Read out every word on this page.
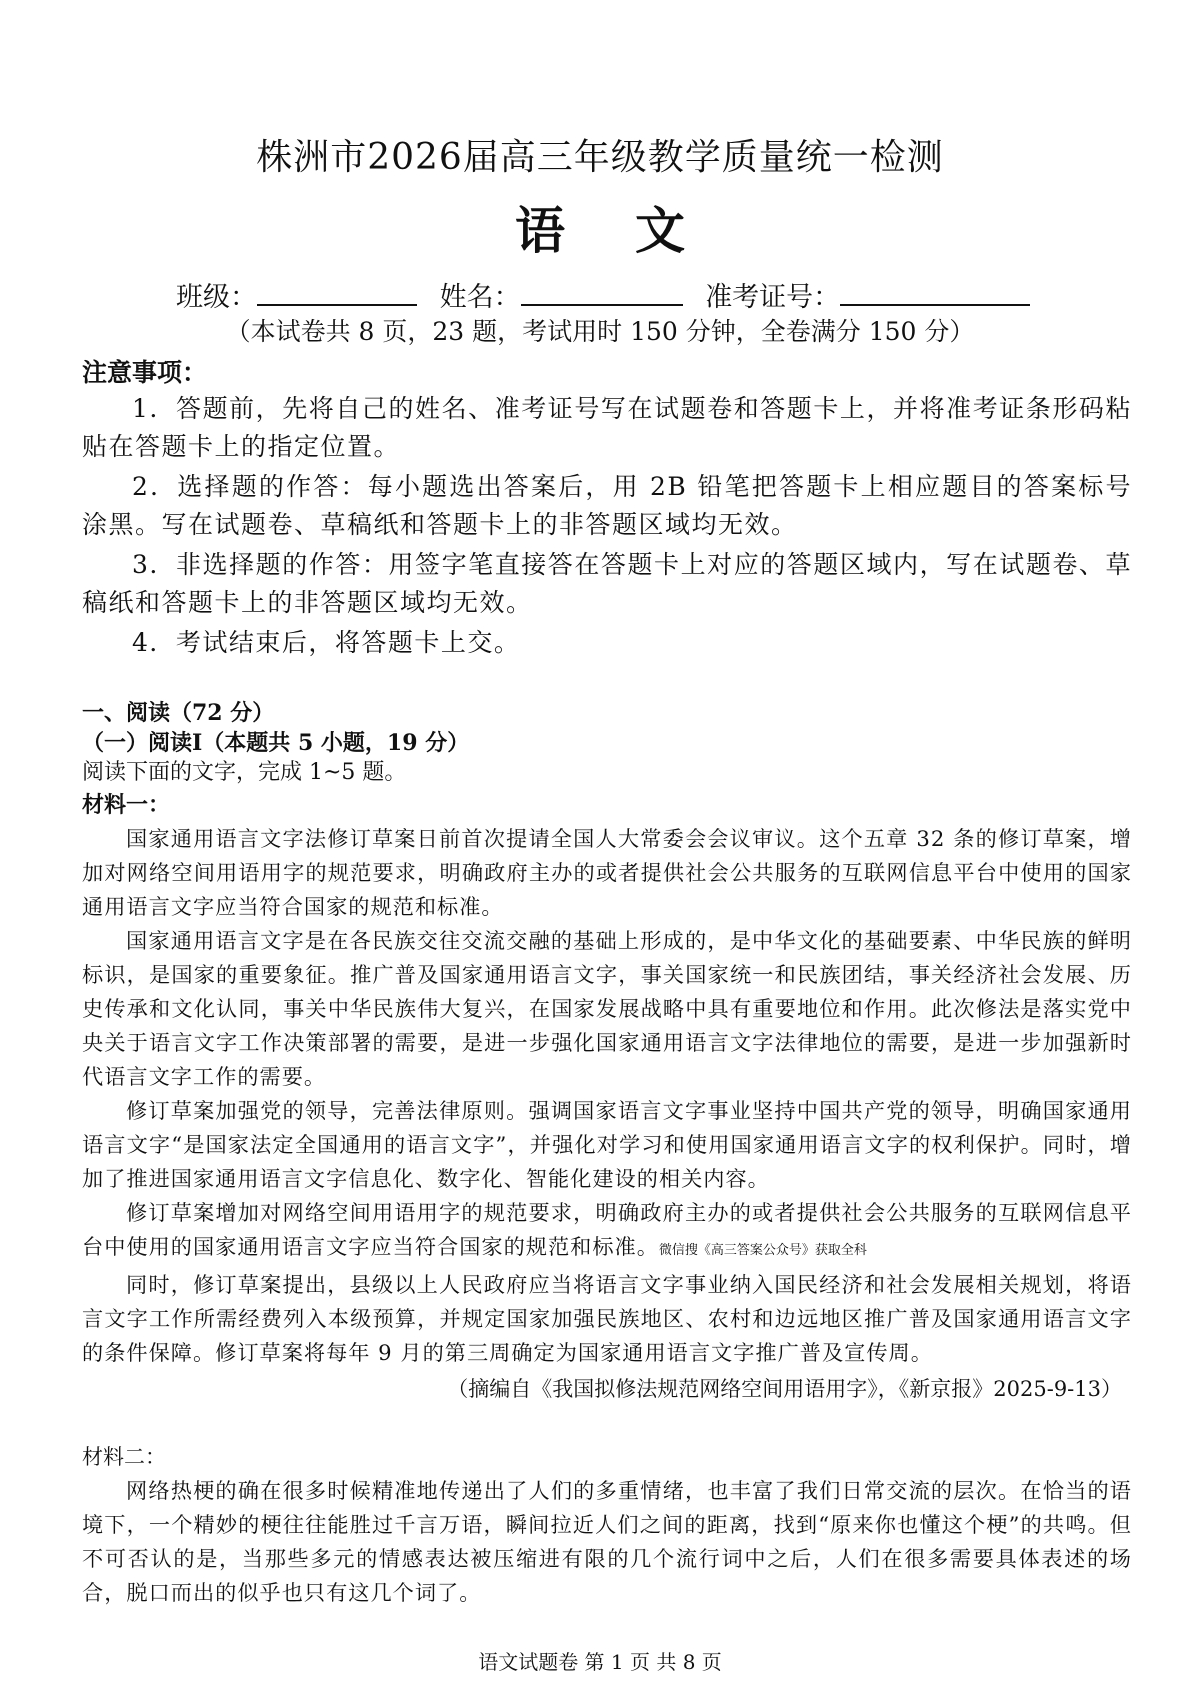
株洲市2026届高三年级教学质量统一检测
语文
班级：	姓名：	准考证号：
（本试卷共 8 页，23 题，考试用时 150 分钟，全卷满分 150 分）
注意事项：

1．答题前，先将自己的姓名、准考证号写在试题卷和答题卡上，并将准考证条形码粘贴在答题卡上的指定位置。

2．选择题的作答：每小题选出答案后，用 2B 铅笔把答题卡上相应题目的答案标号涂黑。写在试题卷、草稿纸和答题卡上的非答题区域均无效。

3．非选择题的作答：用签字笔直接答在答题卡上对应的答题区域内，写在试题卷、草稿纸和答题卡上的非答题区域均无效。

4．考试结束后，将答题卡上交。

一、阅读（72 分）
（一）阅读Ⅰ（本题共 5 小题，19 分）
阅读下面的文字，完成 1~5 题。
材料一：

国家通用语言文字法修订草案日前首次提请全国人大常委会会议审议。这个五章 32 条的修订草案，增加对网络空间用语用字的规范要求，明确政府主办的或者提供社会公共服务的互联网信息平台中使用的国家通用语言文字应当符合国家的规范和标准。

国家通用语言文字是在各民族交往交流交融的基础上形成的，是中华文化的基础要素、中华民族的鲜明标识，是国家的重要象征。推广普及国家通用语言文字，事关国家统一和民族团结，事关经济社会发展、历史传承和文化认同，事关中华民族伟大复兴，在国家发展战略中具有重要地位和作用。此次修法是落实党中央关于语言文字工作决策部署的需要，是进一步强化国家通用语言文字法律地位的需要，是进一步加强新时代语言文字工作的需要。

修订草案加强党的领导，完善法律原则。强调国家语言文字事业坚持中国共产党的领导，明确国家通用语言文字“是国家法定全国通用的语言文字”，并强化对学习和使用国家通用语言文字的权利保护。同时，增加了推进国家通用语言文字信息化、数字化、智能化建设的相关内容。

修订草案增加对网络空间用语用字的规范要求，明确政府主办的或者提供社会公共服务的互联网信息平台中使用的国家通用语言文字应当符合国家的规范和标准。微信搜《高三答案公众号》获取全科

同时，修订草案提出，县级以上人民政府应当将语言文字事业纳入国民经济和社会发展相关规划，将语言文字工作所需经费列入本级预算，并规定国家加强民族地区、农村和边远地区推广普及国家通用语言文字的条件保障。修订草案将每年 9 月的第三周确定为国家通用语言文字推广普及宣传周。

（摘编自《我国拟修法规范网络空间用语用字》，《新京报》2025-9-13）
材料二：

网络热梗的确在很多时候精准地传递出了人们的多重情绪，也丰富了我们日常交流的层次。在恰当的语境下，一个精妙的梗往往能胜过千言万语，瞬间拉近人们之间的距离，找到“原来你也懂这个梗”的共鸣。但不可否认的是，当那些多元的情感表达被压缩进有限的几个流行词中之后，人们在很多需要具体表述的场合，脱口而出的似乎也只有这几个词了。

语文试题卷 第 1 页 共 8 页
